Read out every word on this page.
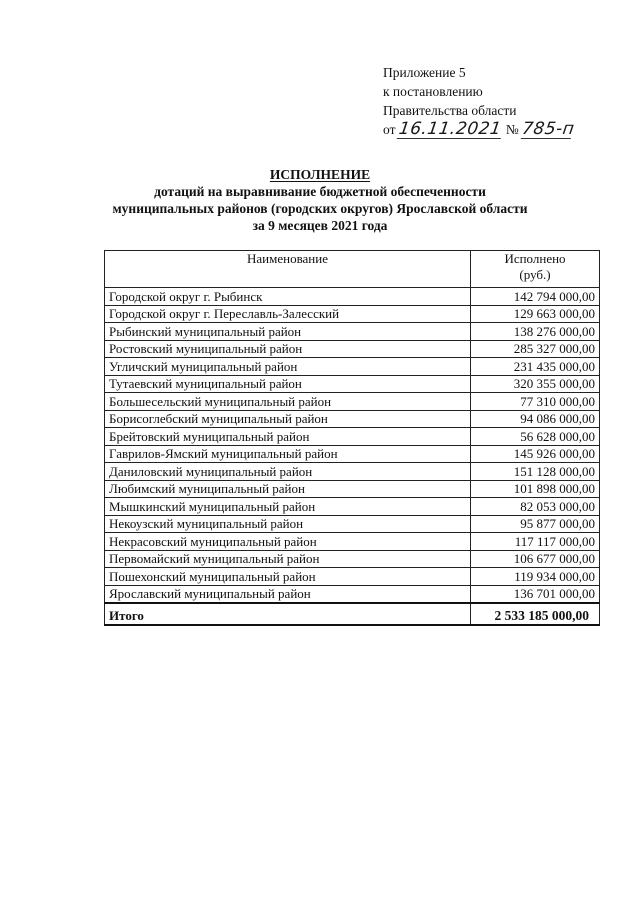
Приложение 5
к постановлению
Правительства области
от 16.11.2021 № 785-п
ИСПОЛНЕНИЕ
дотаций на выравнивание бюджетной обеспеченности
муниципальных районов (городских округов) Ярославской области
за 9 месяцев 2021 года
Наименование	Исполнено
(руб.)

Городской округ г. Рыбинск	142 794 000,00
Городской округ г. Переславль-Залесский	129 663 000,00
Рыбинский муниципальный район	138 276 000,00
Ростовский муниципальный район	285 327 000,00
Угличский муниципальный район	231 435 000,00
Тутаевский муниципальный район	320 355 000,00
Большесельский муниципальный район	77 310 000,00
Борисоглебский муниципальный район	94 086 000,00
Брейтовский муниципальный район	56 628 000,00
Гаврилов-Ямский муниципальный район	145 926 000,00
Даниловский муниципальный район	151 128 000,00
Любимский муниципальный район	101 898 000,00
Мышкинский муниципальный район	82 053 000,00
Некоузский муниципальный район	95 877 000,00
Некрасовский муниципальный район	117 117 000,00
Первомайский муниципальный район	106 677 000,00
Пошехонский муниципальный район	119 934 000,00
Ярославский муниципальный район	136 701 000,00
Итого	2 533 185 000,00
